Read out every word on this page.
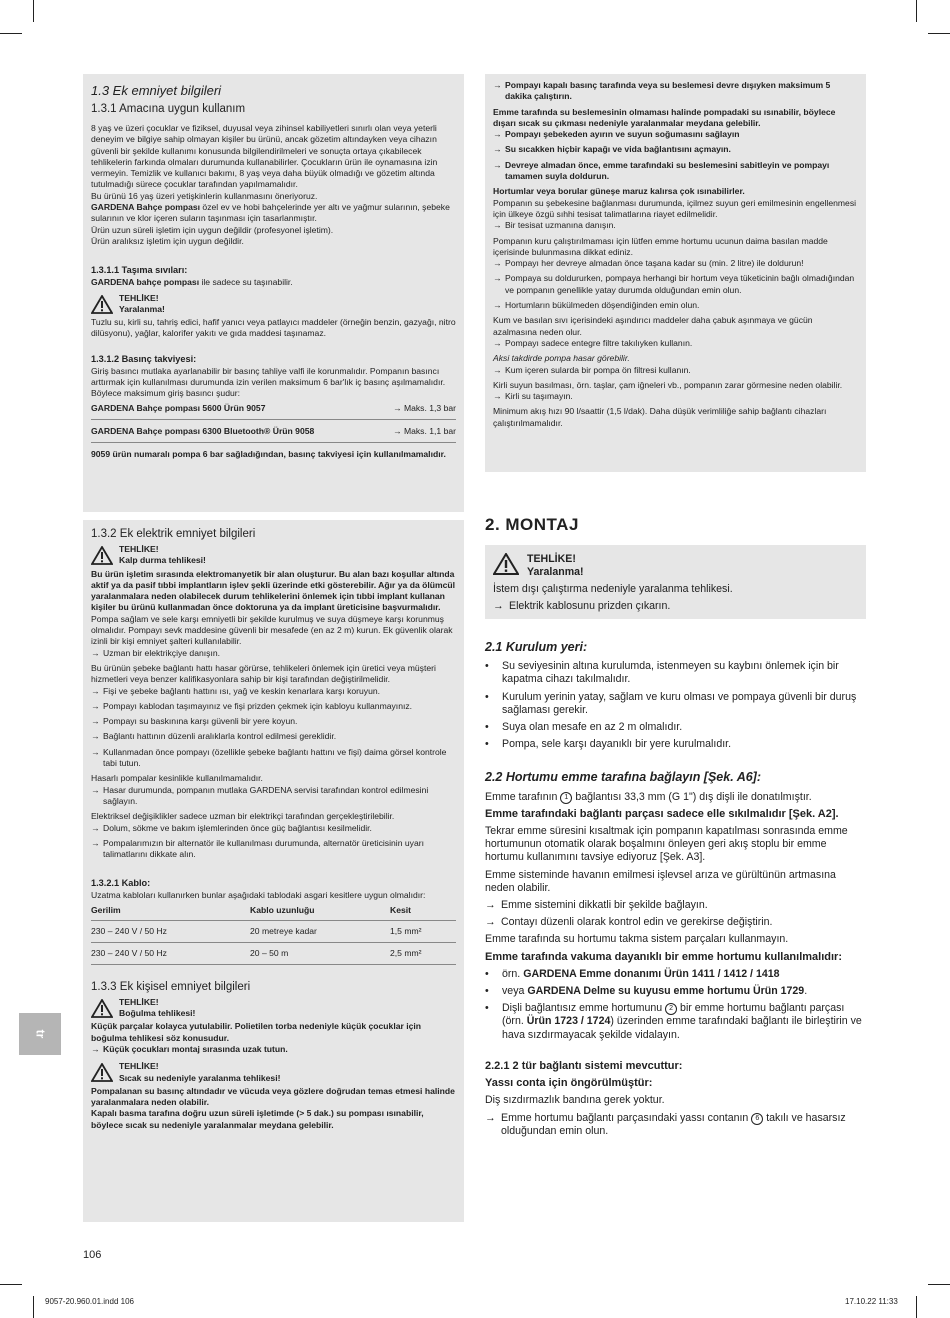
1.3 Ek emniyet bilgileri
1.3.1 Amacına uygun kullanım

8 yaş ve üzeri çocuklar ve fiziksel, duyusal veya zihinsel kabiliyetleri sınırlı olan veya yeterli deneyim ve bilgiye sahip olmayan kişiler bu ürünü, ancak gözetim altındayken veya cihazın güvenli bir şekilde kullanımı konusunda bilgilendirilmeleri ve sonuçta ortaya çıkabilecek tehlikelerin farkında olmaları durumunda kullanabilirler. Çocukların ürün ile oynamasına izin vermeyin. Temizlik ve kullanıcı bakımı, 8 yaş veya daha büyük olmadığı ve gözetim altında tutulmadığı sürece çocuklar tarafından yapılmamalıdır.

Bu ürünü 16 yaş üzeri yetişkinlerin kullanmasını öneriyoruz.

GARDENA Bahçe pompası özel ev ve hobi bahçelerinde yer altı ve yağmur sularının, şebeke sularının ve klor içeren suların taşınması için tasarlanmıştır.

Ürün uzun süreli işletim için uygun değildir (profesyonel işletim).

Ürün aralıksız işletim için uygun değildir.

1.3.1.1 Taşıma sıvıları:

GARDENA bahçe pompası ile sadece su taşınabilir.

TEHLİKE!
Yaralanma!

Tuzlu su, kirli su, tahriş edici, hafif yanıcı veya patlayıcı maddeler (örneğin benzin, gazyağı, nitro dilüsyonu), yağlar, kalorifer yakıtı ve gıda maddesi taşınamaz.

1.3.1.2 Basınç takviyesi:

Giriş basıncı mutlaka ayarlanabilir bir basınç tahliye valfi ile korunmalıdır. Pompanın basıncı arttırmak için kullanılması durumunda izin verilen maksimum 6 bar'lık iç basınç aşılmamalıdır. Böylece maksimum giriş basıncı şudur:

GARDENA Bahçe pompası 5600 Ürün 9057	→ Maks. 1,3 bar
GARDENA Bahçe pompası 6300 Bluetooth® Ürün 9058	→ Maks. 1,1 bar

9059 ürün numaralı pompa 6 bar sağladığından, basınç takviyesi için kullanılmamalıdır.

1.3.2 Ek elektrik emniyet bilgileri
TEHLİKE!
Kalp durma tehlikesi!

Bu ürün işletim sırasında elektromanyetik bir alan oluşturur. Bu alan bazı koşullar altında aktif ya da pasif tıbbi implantların işlev şekli üzerinde etki gösterebilir. Ağır ya da ölümcül yaralanmalara neden olabilecek durum tehlikelerini önlemek için tıbbi implant kullanan kişiler bu ürünü kullanmadan önce doktoruna ya da implant üreticisine başvurmalıdır.

Pompa sağlam ve sele karşı emniyetli bir şekilde kurulmuş ve suya düşmeye karşı korunmuş olmalıdır. Pompayı sevk maddesine güvenli bir mesafede (en az 2 m) kurun. Ek güvenlik olarak izinli bir kişi emniyet şalteri kullanılabilir.

→ Uzman bir elektrikçiye danışın.

Bu ürünün şebeke bağlantı hattı hasar görürse, tehlikeleri önlemek için üretici veya müşteri hizmetleri veya benzer kalifikasyonlara sahip bir kişi tarafından değiştirilmelidir.

→ Fişi ve şebeke bağlantı hattını ısı, yağ ve keskin kenarlara karşı koruyun.

→ Pompayı kablodan taşımayınız ve fişi prizden çekmek için kabloyu kullanmayınız.

→ Pompayı su baskınına karşı güvenli bir yere koyun.

→ Bağlantı hattının düzenli aralıklarla kontrol edilmesi gereklidir.

→ Kullanmadan önce pompayı (özellikle şebeke bağlantı hattını ve fişi) daima görsel kontrole tabi tutun.

Hasarlı pompalar kesinlikle kullanılmamalıdır.

→ Hasar durumunda, pompanın mutlaka GARDENA servisi tarafından kontrol edilmesini sağlayın.

Elektriksel değişiklikler sadece uzman bir elektrikçi tarafından gerçekleştirilebilir.

→ Dolum, sökme ve bakım işlemlerinden önce güç bağlantısı kesilmelidir.

→ Pompalarımızın bir alternatör ile kullanılması durumunda, alternatör üreticisinin uyarı talimatlarını dikkate alın.

1.3.2.1 Kablo:

Uzatma kabloları kullanırken bunlar aşağıdaki tablodaki asgari kesitlere uygun olmalıdır:

Gerilim	Kablo uzunluğu	Kesit
230 – 240 V / 50 Hz	20 metreye kadar	1,5 mm²
230 – 240 V / 50 Hz	20 – 50 m	2,5 mm²
1.3.3 Ek kişisel emniyet bilgileri
TEHLİKE!
Boğulma tehlikesi!

Küçük parçalar kolayca yutulabilir. Polietilen torba nedeniyle küçük çocuklar için boğulma tehlikesi söz konusudur.

→ Küçük çocukları montaj sırasında uzak tutun.

TEHLİKE!
Sıcak su nedeniyle yaralanma tehlikesi!

Pompalanan su basınç altındadır ve vücuda veya gözlere doğrudan temas etmesi halinde yaralanmalara neden olabilir.

Kapalı basma tarafına doğru uzun süreli işletimde (> 5 dak.) su pompası ısınabilir, böylece sıcak su nedeniyle yaralanmalar meydana gelebilir.

→ Pompayı kapalı basınç tarafında veya su beslemesi devre dışıyken maksimum 5 dakika çalıştırın.

Emme tarafında su beslemesinin olmaması halinde pompadaki su ısınabilir, böylece dışarı sıcak su çıkması nedeniyle yaralanmalar meydana gelebilir.

→ Pompayı şebekeden ayırın ve suyun soğumasını sağlayın

→ Su sıcakken hiçbir kapağı ve vida bağlantısını açmayın.

→ Devreye almadan önce, emme tarafındaki su beslemesini sabitleyin ve pompayı tamamen suyla doldurun.

Hortumlar veya borular güneşe maruz kalırsa çok ısınabilirler.

Pompanın su şebekesine bağlanması durumunda, içilmez suyun geri emilmesinin engellenmesi için ülkeye özgü sıhhi tesisat talimatlarına riayet edilmelidir.

→ Bir tesisat uzmanına danışın.

Pompanın kuru çalıştırılmaması için lütfen emme hortumu ucunun daima basılan madde içerisinde bulunmasına dikkat ediniz.

→ Pompayı her devreye almadan önce taşana kadar su (min. 2 litre) ile doldurun!

→ Pompaya su doldururken, pompaya herhangi bir hortum veya tüketicinin bağlı olmadığından ve pompanın genellikle yatay durumda olduğundan emin olun.

→ Hortumların bükülmeden döşendiğinden emin olun.

Kum ve basılan sıvı içerisindeki aşındırıcı maddeler daha çabuk aşınmaya ve gücün azalmasına neden olur.

→ Pompayı sadece entegre filtre takılıyken kullanın.

Aksi takdirde pompa hasar görebilir.

→ Kum içeren sularda bir pompa ön filtresi kullanın.

Kirli suyun basılması, örn. taşlar, çam iğneleri vb., pompanın zarar görmesine neden olabilir.

→ Kirli su taşımayın.

Minimum akış hızı 90 l/saattir (1,5 l/dak). Daha düşük verimliliğe sahip bağlantı cihazları çalıştırılmamalıdır.

2. MONTAJ
TEHLİKE!
Yaralanma!

İstem dışı çalıştırma nedeniyle yaralanma tehlikesi.

→ Elektrik kablosunu prizden çıkarın.

2.1 Kurulum yeri:

• Su seviyesinin altına kurulumda, istenmeyen su kaybını önlemek için bir kapatma cihazı takılmalıdır.

• Kurulum yerinin yatay, sağlam ve kuru olması ve pompaya güvenli bir duruş sağlaması gerekir.

• Suya olan mesafe en az 2 m olmalıdır.

• Pompa, sele karşı dayanıklı bir yere kurulmalıdır.

2.2 Hortumu emme tarafına bağlayın [Şek. A6]:

Emme tarafının 1 bağlantısı 33,3 mm (G 1") dış dişli ile donatılmıştır.

Emme tarafındaki bağlantı parçası sadece elle sıkılmalıdır [Şek. A2].

Tekrar emme süresini kısaltmak için pompanın kapatılması sonrasında emme hortumunun otomatik olarak boşalmını önleyen geri akış stoplu bir emme hortumu kullanımını tavsiye ediyoruz [Şek. A3].

Emme sisteminde havanın emilmesi işlevsel arıza ve gürültünün artmasına neden olabilir.

→ Emme sistemini dikkatli bir şekilde bağlayın.

→ Contayı düzenli olarak kontrol edin ve gerekirse değiştirin.

Emme tarafında su hortumu takma sistem parçaları kullanmayın.

Emme tarafında vakuma dayanıklı bir emme hortumu kullanılmalıdır:

• örn. GARDENA Emme donanımı Ürün 1411 / 1412 / 1418

• veya GARDENA Delme su kuyusu emme hortumu Ürün 1729.

• Dişli bağlantısız emme hortumunu 2 bir emme hortumu bağlantı parçası (örn. Ürün 1723 / 1724) üzerinden emme tarafındaki bağlantı ile birleştirin ve hava sızdırmayacak şekilde vidalayın.

2.2.1 2 tür bağlantı sistemi mevcuttur:
Yassı conta için öngörülmüştür:

Diş sızdırmazlık bandına gerek yoktur.

→ Emme hortumu bağlantı parçasındaki yassı contanın 6 takılı ve hasarsız olduğundan emin olun.

tr
106
9057-20.960.01.indd 106	17.10.22 11:33
